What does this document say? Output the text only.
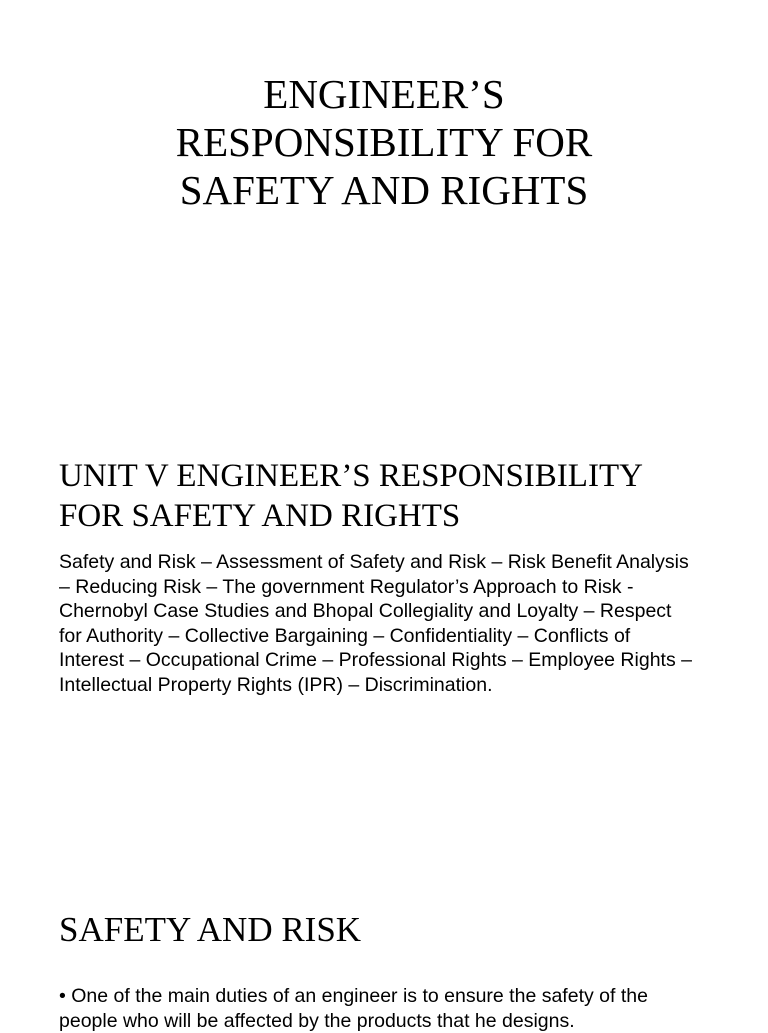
ENGINEER’S
RESPONSIBILITY FOR
SAFETY AND RIGHTS
UNIT V ENGINEER’S RESPONSIBILITY
FOR SAFETY AND RIGHTS
Safety and Risk – Assessment of Safety and Risk – Risk Benefit Analysis
– Reducing Risk – The government Regulator’s Approach to Risk -
Chernobyl Case Studies and Bhopal Collegiality and Loyalty – Respect
for Authority – Collective Bargaining – Confidentiality – Conflicts of
Interest – Occupational Crime – Professional Rights – Employee Rights –
Intellectual Property Rights (IPR) – Discrimination.
SAFETY AND RISK
• One of the main duties of an engineer is to ensure the safety of the
people who will be affected by the products that he designs.
